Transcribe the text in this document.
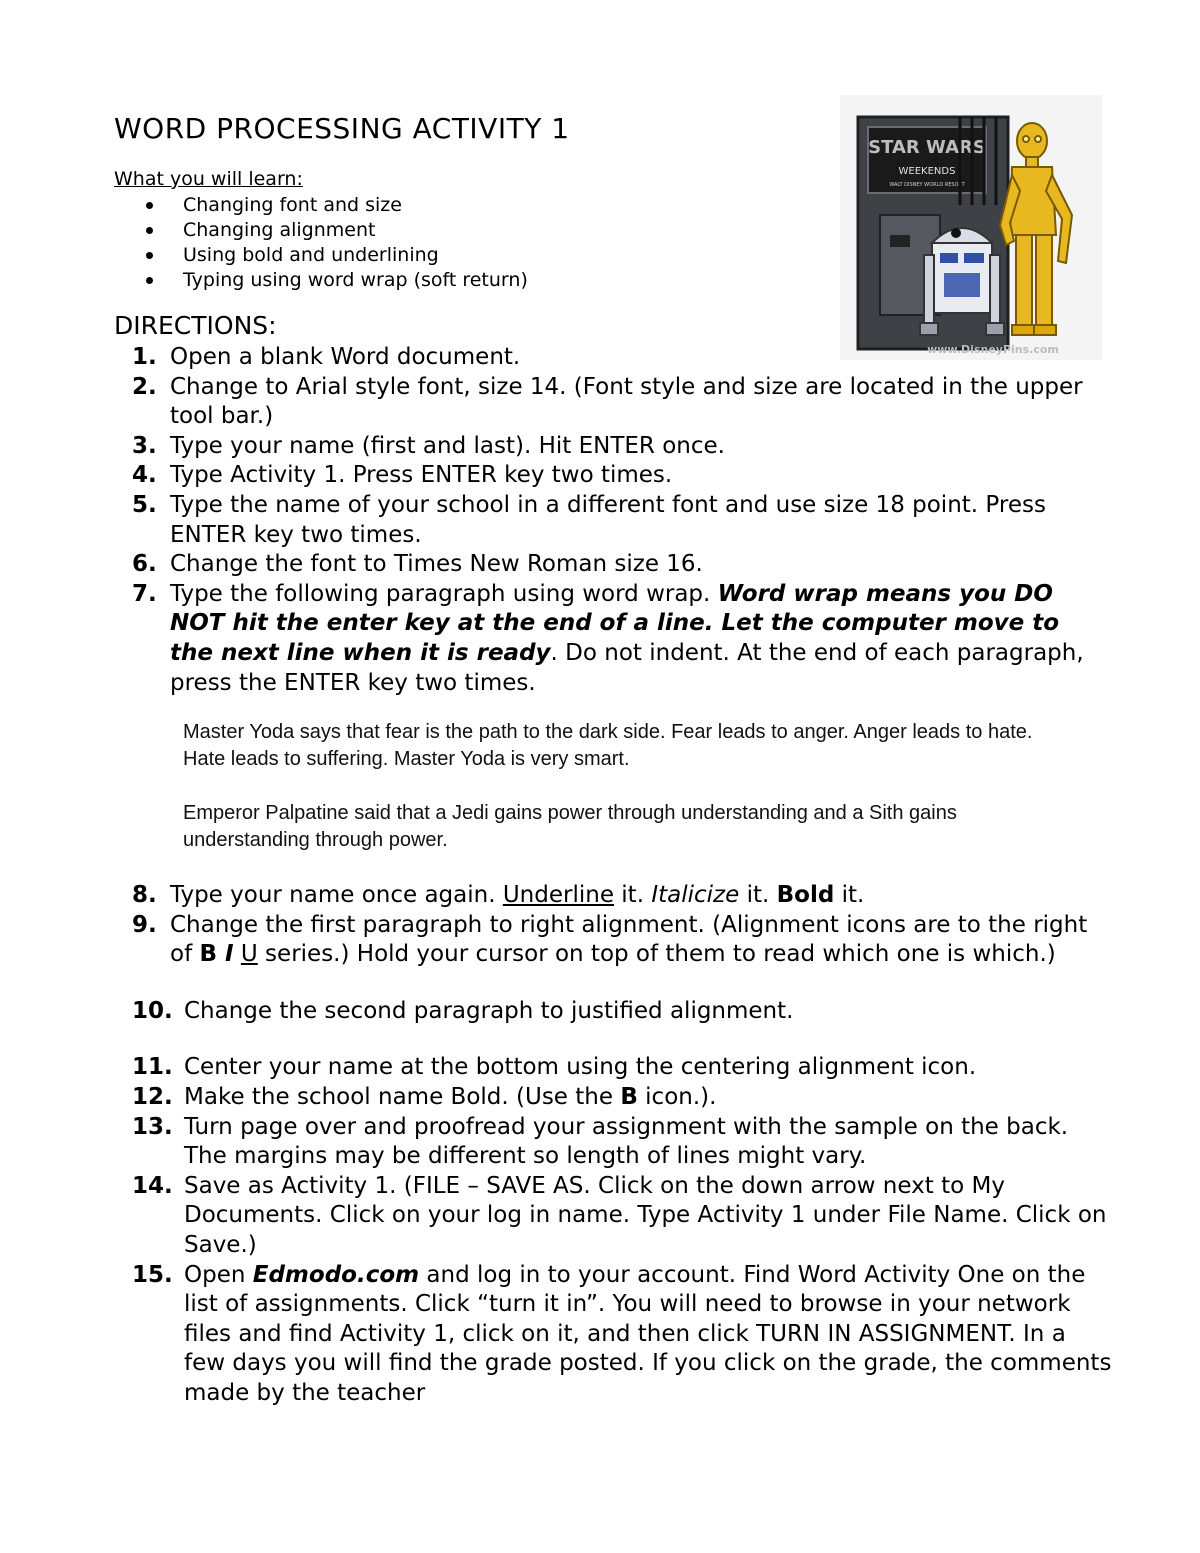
WORD PROCESSING ACTIVITY 1
What you will learn:
Changing font and size
Changing alignment
Using bold and underlining
Typing using word wrap (soft return)
DIRECTIONS:
1. Open a blank Word document.
2. Change to Arial style font, size 14. (Font style and size are located in the upper tool bar.)
3. Type your name (first and last). Hit ENTER once.
4. Type Activity 1. Press ENTER key two times.
5. Type the name of your school in a different font and use size 18 point. Press ENTER key two times.
6. Change the font to Times New Roman size 16.
7. Type the following paragraph using word wrap. Word wrap means you DO NOT hit the enter key at the end of a line. Let the computer move to the next line when it is ready. Do not indent. At the end of each paragraph, press the ENTER key two times.

Master Yoda says that fear is the path to the dark side. Fear leads to anger. Anger leads to hate. Hate leads to suffering. Master Yoda is very smart.

Emperor Palpatine said that a Jedi gains power through understanding and a Sith gains understanding through power.

8. Type your name once again. Underline it. Italicize it. Bold it.
9. Change the first paragraph to right alignment. (Alignment icons are to the right of B I U series.) Hold your cursor on top of them to read which one is which.)
10. Change the second paragraph to justified alignment.
11. Center your name at the bottom using the centering alignment icon.
12. Make the school name Bold. (Use the B icon.).
13. Turn page over and proofread your assignment with the sample on the back. The margins may be different so length of lines might vary.
14. Save as Activity 1. (FILE – SAVE AS. Click on the down arrow next to My Documents. Click on your log in name. Type Activity 1 under File Name. Click on Save.)
15. Open Edmodo.com and log in to your account. Find Word Activity One on the list of assignments. Click “turn it in”. You will need to browse in your network files and find Activity 1, click on it, and then click TURN IN ASSIGNMENT. In a few days you will find the grade posted. If you click on the grade, the comments made by the teacher
STAR WARS
WEEKENDS
WALT DISNEY WORLD RESORT
www.DisneyPins.com
